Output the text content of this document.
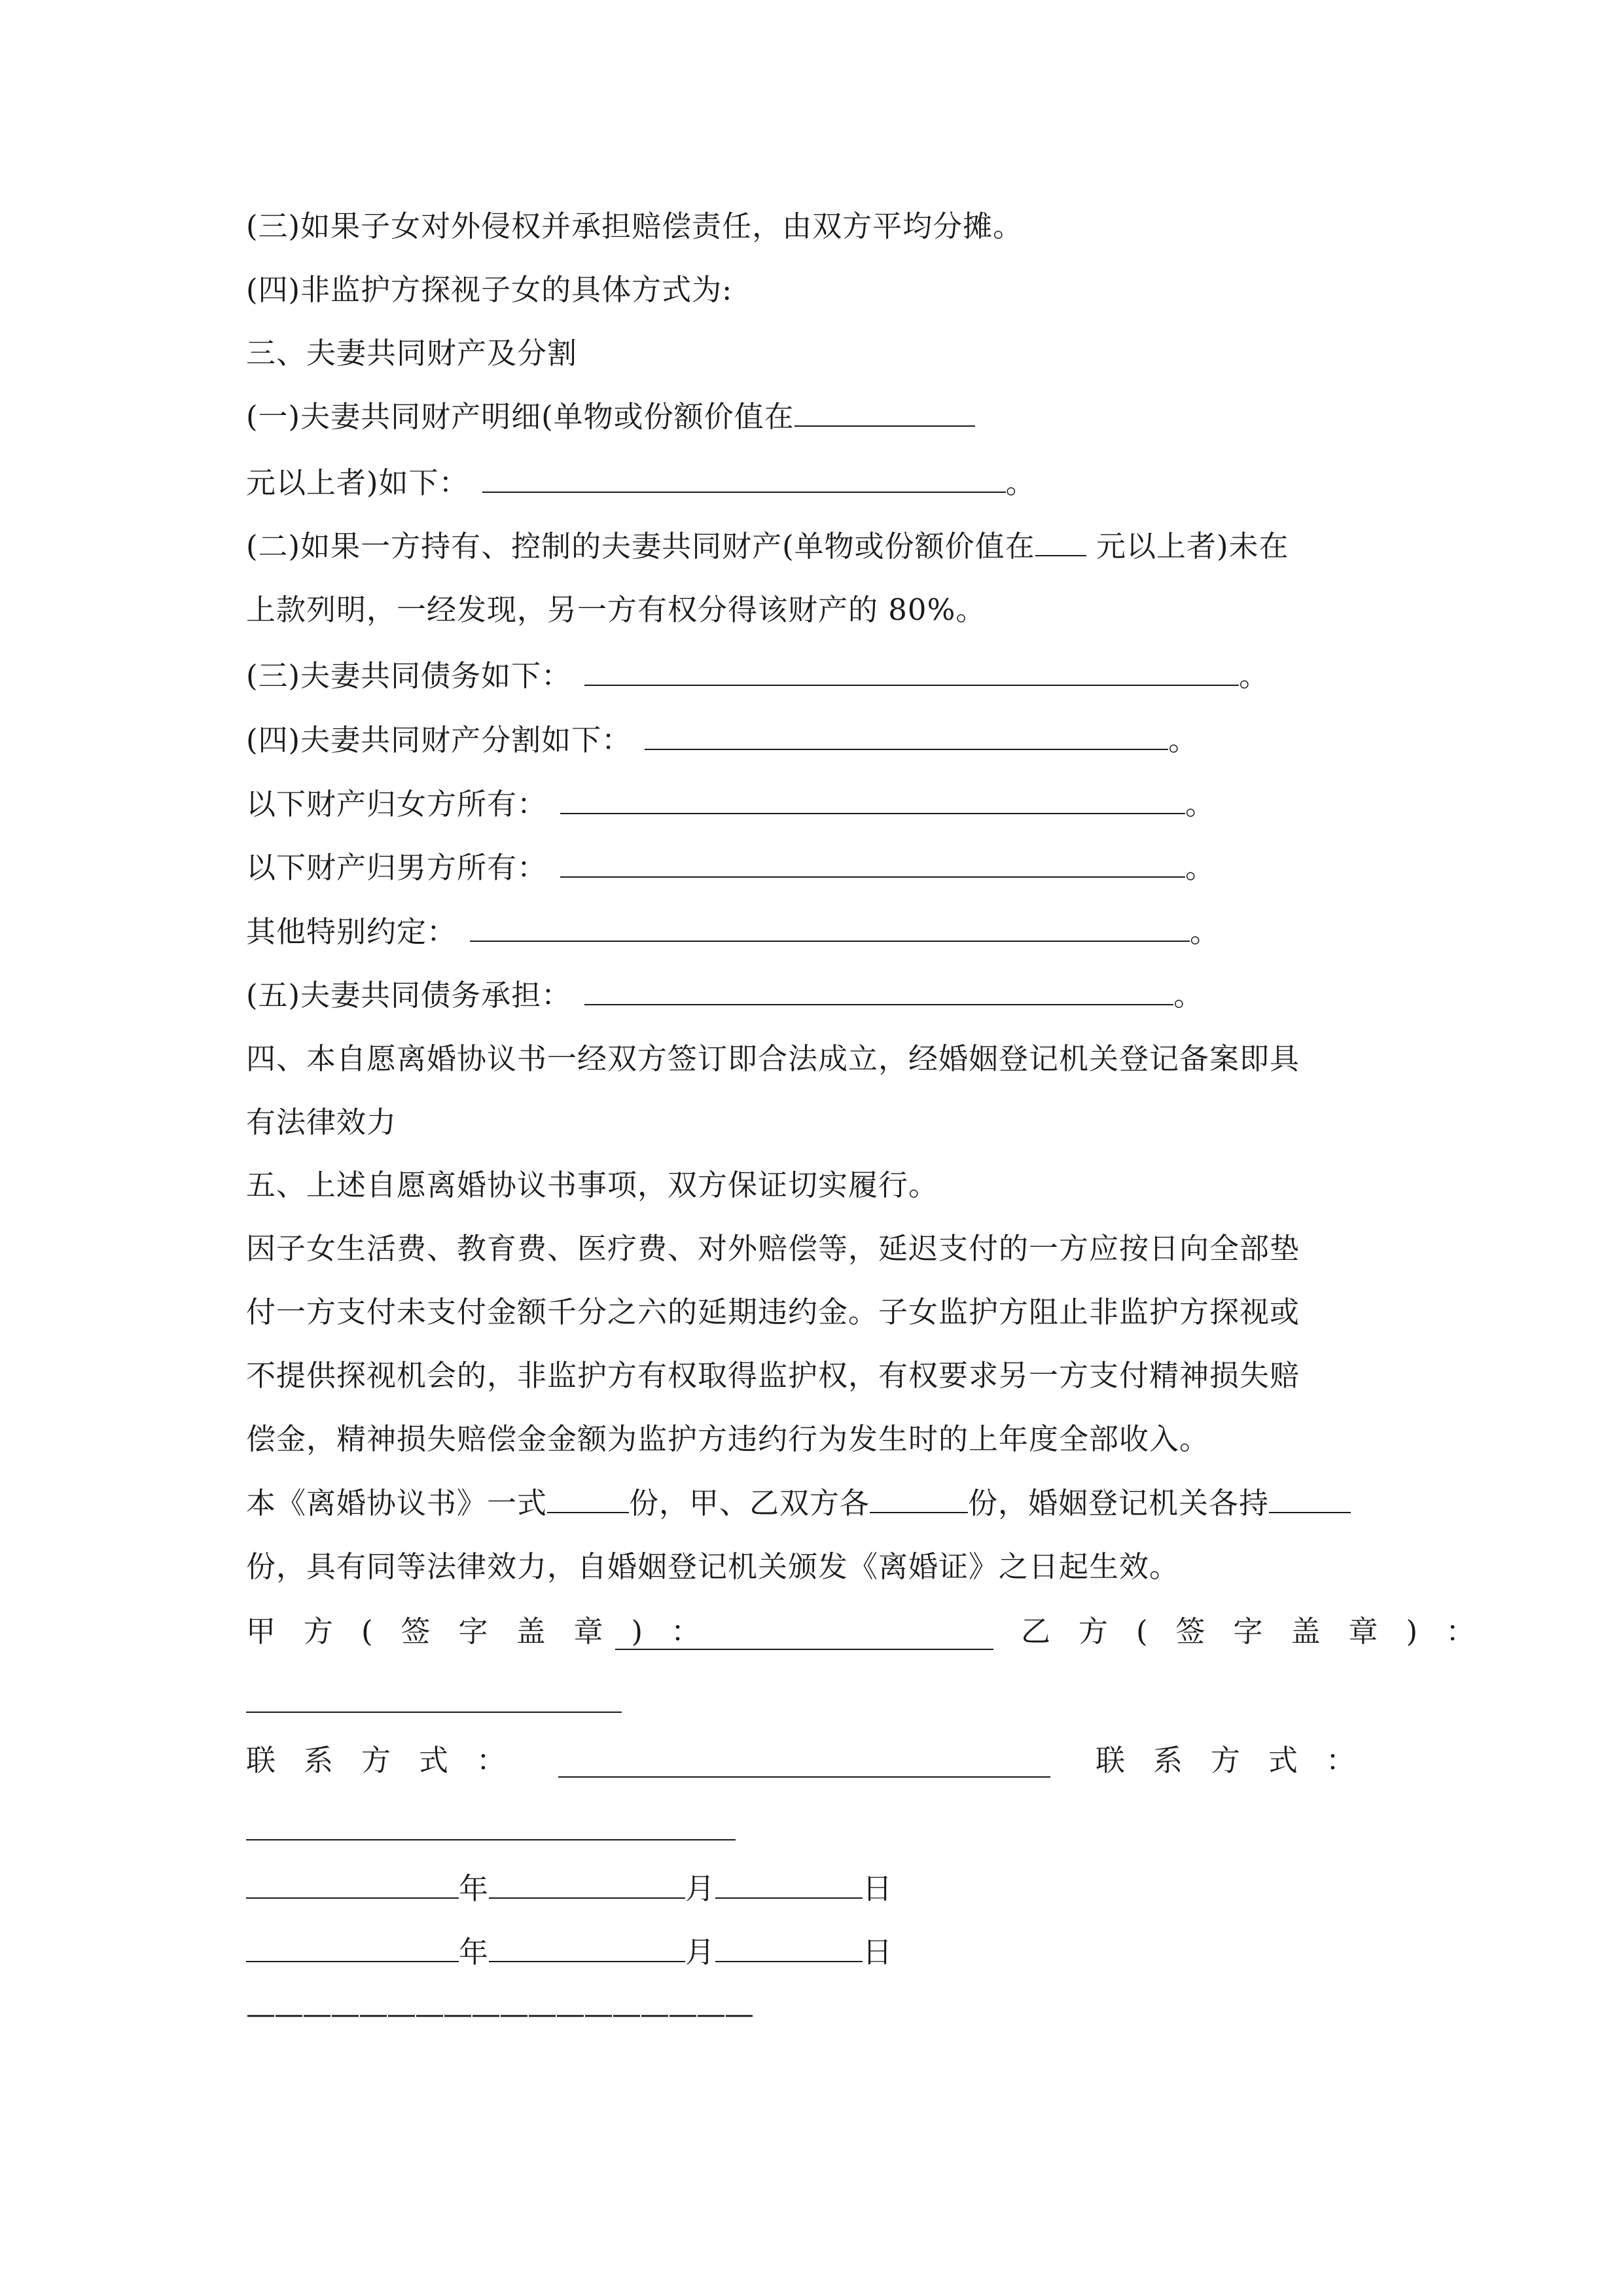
(三)如果子女对外侵权并承担赔偿责任，由双方平均分摊。
(四)非监护方探视子女的具体方式为:
三、夫妻共同财产及分割
(一)夫妻共同财产明细(单物或份额价值在
元以上者)如下：	。
(二)如果一方持有、控制的夫妻共同财产(单物或份额价值在 元以上者)未在
上款列明，一经发现，另一方有权分得该财产的 80%。
(三)夫妻共同债务如下：	。
(四)夫妻共同财产分割如下：	。
以下财产归女方所有：	。
以下财产归男方所有：	。
其他特别约定：	。
(五)夫妻共同债务承担：	。
四、本自愿离婚协议书一经双方签订即合法成立，经婚姻登记机关登记备案即具
有法律效力
五、上述自愿离婚协议书事项，双方保证切实履行。
因子女生活费、教育费、医疗费、对外赔偿等，延迟支付的一方应按日向全部垫
付一方支付未支付金额千分之六的延期违约金。子女监护方阻止非监护方探视或
不提供探视机会的，非监护方有权取得监护权，有权要求另一方支付精神损失赔
偿金，精神损失赔偿金金额为监护方违约行为发生时的上年度全部收入。
本《离婚协议书》一式	份，甲、乙双方各	份，婚姻登记机关各持
份，具有同等法律效力，自婚姻登记机关颁发《离婚证》之日起生效。
甲方(签字盖章)：	乙方(签字盖章)：
联系方式：	联系方式：
年	月	日
年	月	日
——————————————————
